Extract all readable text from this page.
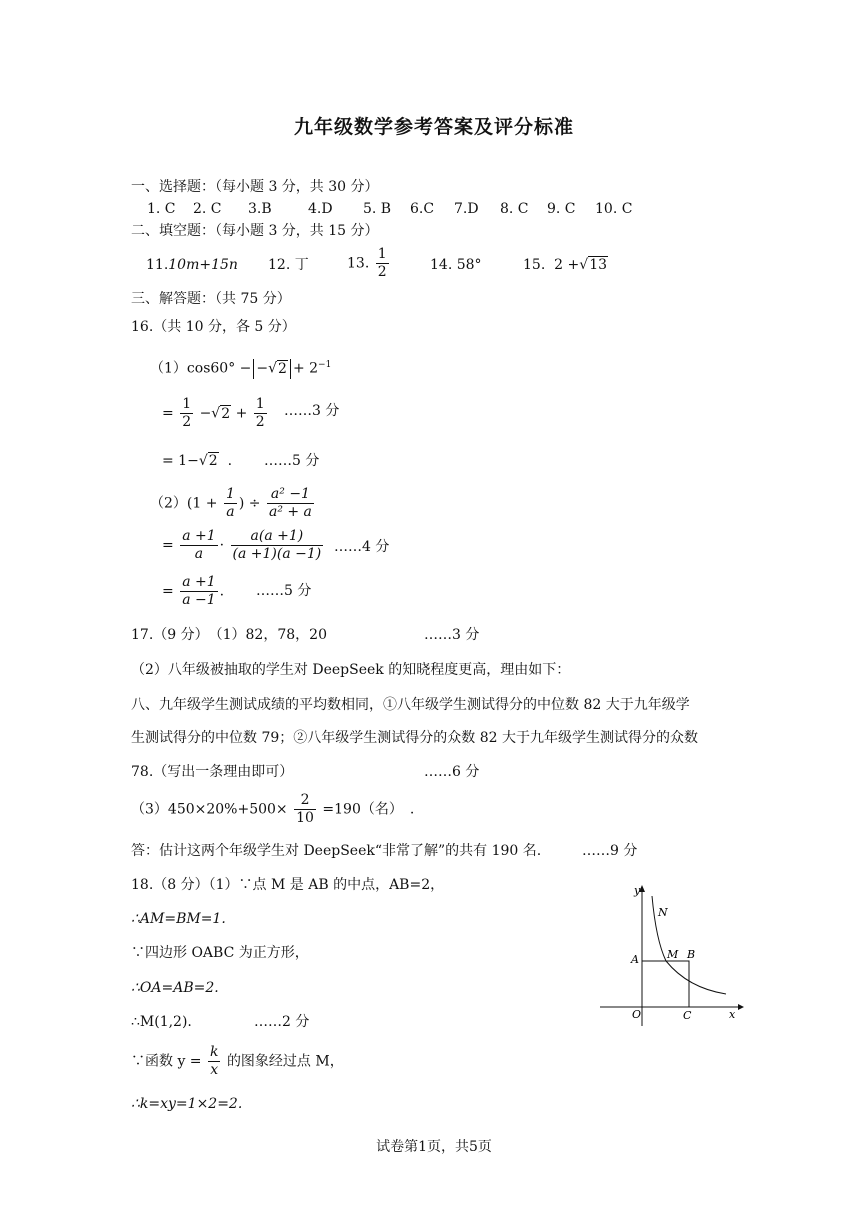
九年级数学参考答案及评分标准
一、选择题：（每小题 3 分，共 30 分）
1. C 2. C 3.B	4.D 5. B 6.C 7.D 8. C 9. C 10. C
二、填空题：（每小题 3 分，共 15 分）
11.10m+15n 12. 丁	13. $\frac{1}{2}$	14. 58°	15. 2 +√13
三、解答题：（共 75 分）
16.（共 10 分，各 5 分）
$(1)\cos 60^\circ - -√2 + 2^{-1}$
= $\frac{1}{2} -√2 + \frac{1}{2}$ ……3 分
= 1−√2 . ……5 分
$(2)(1 + \frac{1}{a}$ ) ÷ $\frac{\text{a² −1}}{\text{a² + a}}$
= $\frac{a +1}{a} \cdot \frac{a(a +1)}{(a +1)(a -1)}$ ……4 分
= $\frac{a +1}{a -1}$ . ……5 分
17.（9 分）　（1）82，78，20	……3 分
（2）八年级被抽取的学生对 DeepSeek 的知晓程度更高，理由如下：
八、九年级学生测试成绩的平均数相同，①八年级学生测试得分的中位数 82 大于九年级学
生测试得分的中位数 79；②八年级学生测试得分的众数 82 大于九年级学生测试得分的众数
78.（写出一条理由即可）	……6 分
$(3)450\times 20\%+500\times \frac{2}{10} =190$（名）　.
答：估计这两个年级学生对 DeepSeek“非常了解”的共有 190 名.	……9 分
18.（8 分）（1）∵点 M 是 AB 的中点，AB=2，
∴AM=BM=1.
∵四边形 OABC 为正方形，
∴OA=AB=2.
∴M(1,2).	……2 分
∵函数 $y = \frac{k}{x}$ 的图象经过点 M，
∴k=xy=1×2=2.
y
x
O
A	M B
C
N
试卷第1页，共5页
